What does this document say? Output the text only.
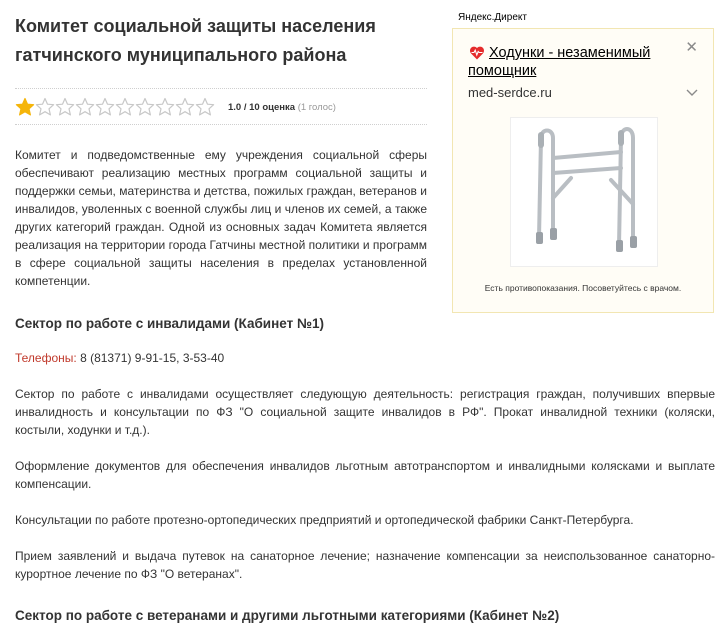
Комитет социальной защиты населения гатчинского муниципального района
1.0 / 10 оценка (1 голос)

Комитет и подведомственные ему учреждения социальной сферы обеспечивают реализацию местных программ социальной защиты и поддержки семьи, материнства и детства, пожилых граждан, ветеранов и инвалидов, уволенных с военной службы лиц и членов их семей, а также других категорий граждан. Одной из основных задач Комитета является реализация на территории города Гатчины местной политики и программ в сфере социальной защиты населения в пределах установленной компетенции.

Сектор по работе с инвалидами (Кабинет №1)

Телефоны: 8 (81371) 9-91-15, 3-53-40

Сектор по работе с инвалидами осуществляет следующую деятельность: регистрация граждан, получивших впервые инвалидность и консультации по ФЗ "О социальной защите инвалидов в РФ". Прокат инвалидной техники (коляски, костыли, ходунки и т.д.).

Оформление документов для обеспечения инвалидов льготным автотранспортом и инвалидными колясками и выплате компенсации.

Консультации по работе протезно-ортопедических предприятий и ортопедической фабрики Санкт-Петербурга.

Прием заявлений и выдача путевок на санаторное лечение; назначение компенсации за неиспользованное санаторно-курортное лечение по ФЗ "О ветеранах".

Сектор по работе с ветеранами и другими льготными категориями (Кабинет №2)
Яндекс.Директ
✕
Ходунки - незаменимый помощник
med-serdce.ru
Есть противопоказания. Посоветуйтесь с врачом.
